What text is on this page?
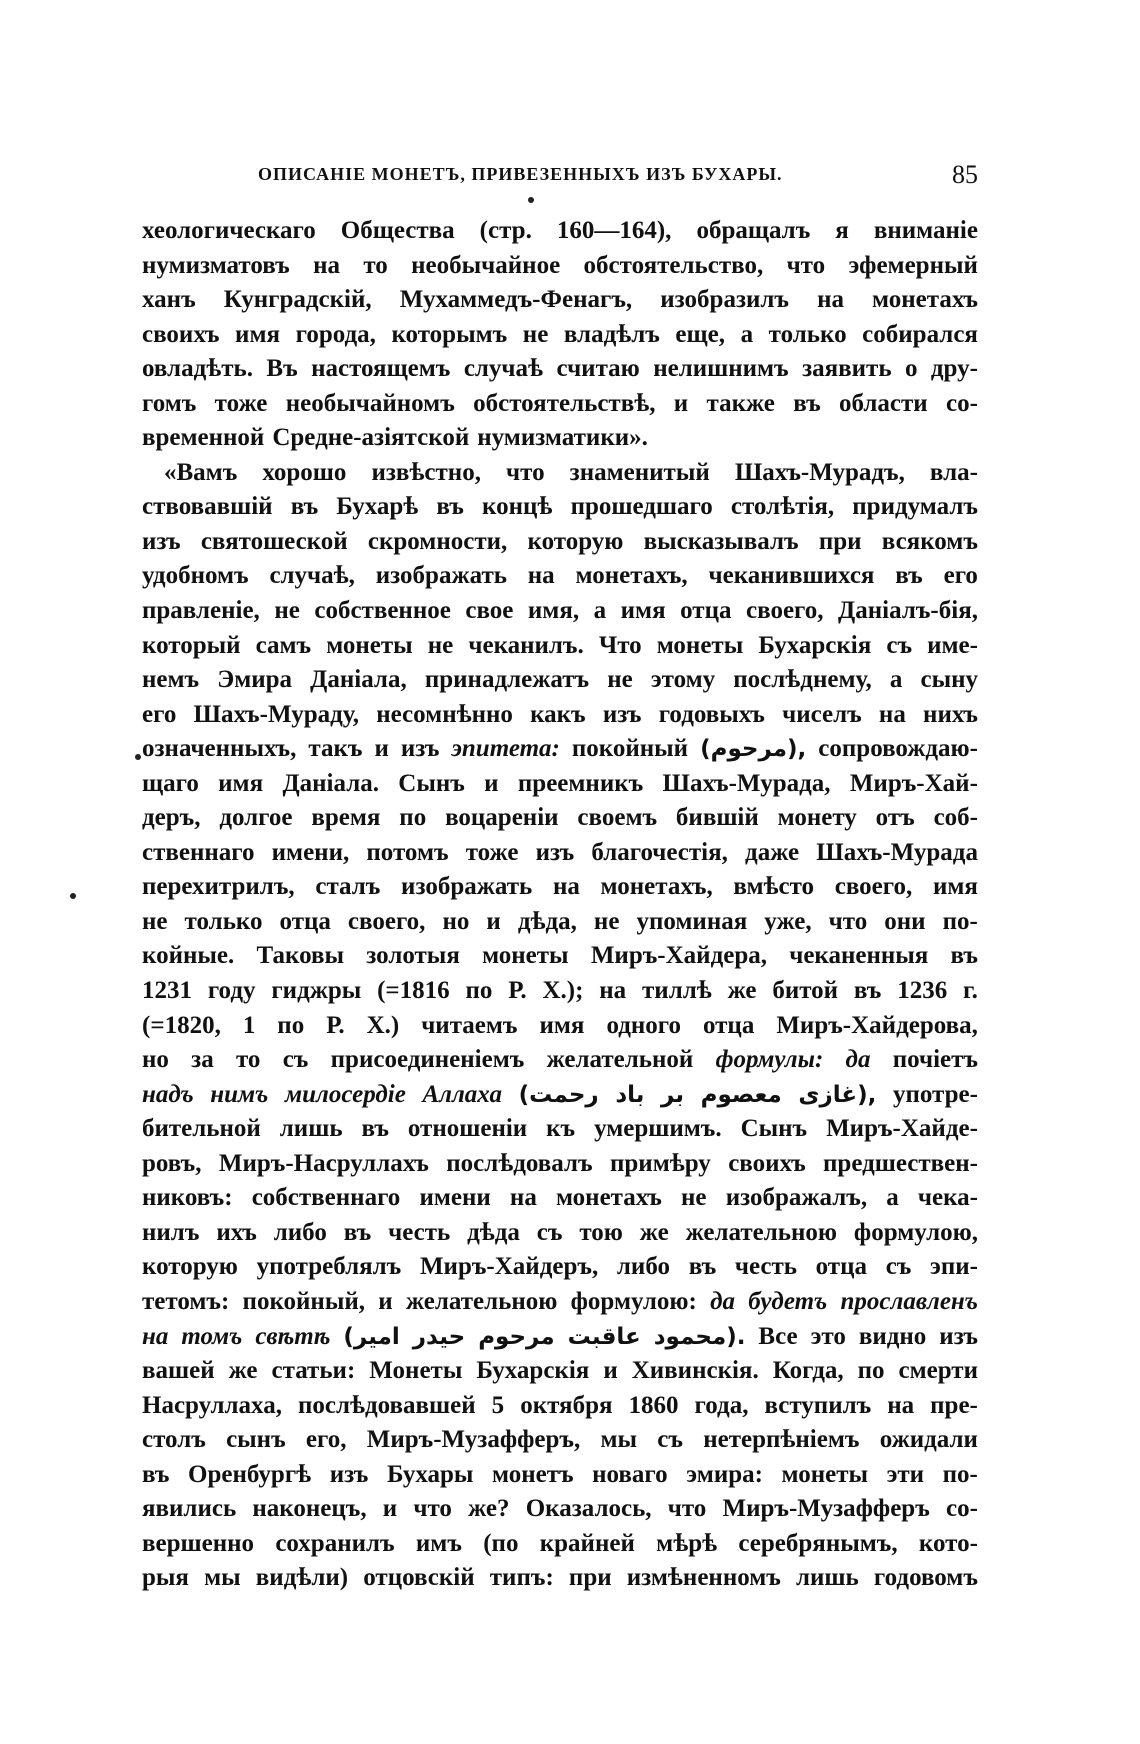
ОПИСАНІЕ МОНЕТЪ, ПРИВЕЗЕННЫХЪ ИЗЪ БУХАРЫ.	85
хеологическаго Общества (стр. 160—164), обращалъ я вниманіе
нумизматовъ на то необычайное обстоятельство, что эфемерный
ханъ Кунградскій, Мухаммедъ-Фенагъ, изобразилъ на монетахъ
своихъ имя города, которымъ не владѣлъ еще, а только собирался
овладѣть. Въ настоящемъ случаѣ считаю нелишнимъ заявить о дру-
гомъ тоже необычайномъ обстоятельствѣ, и также въ области со-
временной Средне-азіятской нумизматики».
«Вамъ хорошо извѣстно, что знаменитый Шахъ-Мурадъ, вла-
ствовавшій въ Бухарѣ въ концѣ прошедшаго столѣтія, придумалъ
изъ святошеской скромности, которую высказывалъ при всякомъ
удобномъ случаѣ, изображать на монетахъ, чеканившихся въ его
правленіе, не собственное свое имя, а имя отца своего, Даніалъ-бія,
который самъ монеты не чеканилъ. Что монеты Бухарскія съ име-
немъ Эмира Даніала, принадлежатъ не этому послѣднему, а сыну
его Шахъ-Мураду, несомнѣнно какъ изъ годовыхъ чиселъ на нихъ
означенныхъ, такъ и изъ эпитета: покойный (مرحوم), сопровождаю-
щаго имя Даніала. Сынъ и преемникъ Шахъ-Мурада, Миръ-Хай-
деръ, долгое время по воцареніи своемъ бившій монету отъ соб-
ственнаго имени, потомъ тоже изъ благочестія, даже Шахъ-Мурада
перехитрилъ, сталъ изображать на монетахъ, вмѣсто своего, имя
не только отца своего, но и дѣда, не упоминая уже, что они по-
койные. Таковы золотыя монеты Миръ-Хайдера, чеканенныя въ
1231 году гиджры (=1816 по Р. Х.); на тиллѣ же битой въ 1236 г.
(=1820, 1 по Р. Х.) читаемъ имя одного отца Миръ-Хайдерова,
но за то съ присоединеніемъ желательной формулы: да почіетъ
надъ нимъ милосердіе Аллаха (رحمت باد بر معصوم غازى), употре-
бительной лишь въ отношеніи къ умершимъ. Сынъ Миръ-Хайде-
ровъ, Миръ-Насруллахъ послѣдовалъ примѣру своихъ предшествен-
никовъ: собственнаго имени на монетахъ не изображалъ, а чека-
нилъ ихъ либо въ честь дѣда съ тою же желательною формулою,
которую употреблялъ Миръ-Хайдеръ, либо въ честь отца съ эпи-
тетомъ: покойный, и желательною формулою: да будетъ прославленъ
на томъ свѣтѣ (امير حيدر مرحوم عاقبت محمود). Все это видно изъ
вашей же статьи: Монеты Бухарскія и Хивинскія. Когда, по смерти
Насруллаха, послѣдовавшей 5 октября 1860 года, вступилъ на пре-
столъ сынъ его, Миръ-Музафферъ, мы съ нетерпѣніемъ ожидали
въ Оренбургѣ изъ Бухары монетъ новаго эмира: монеты эти по-
явились наконецъ, и что же? Оказалось, что Миръ-Музафферъ со-
вершенно сохранилъ имъ (по крайней мѣрѣ серебрянымъ, кото-
рыя мы видѣли) отцовскій типъ: при измѣненномъ лишь годовомъ
